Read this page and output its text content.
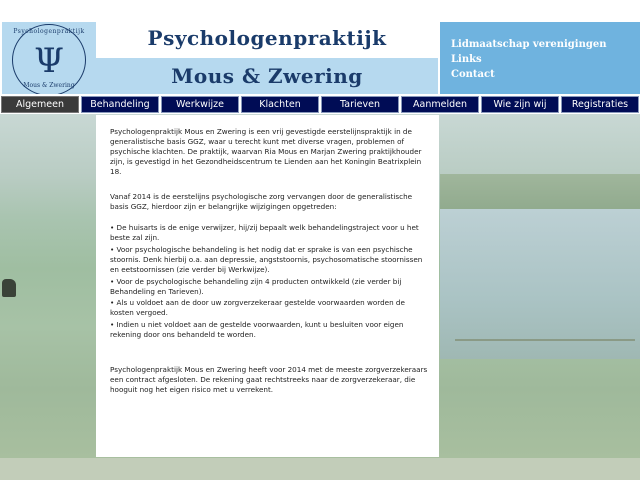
Psychologenpraktijk
Ψ
Mous & Zwering
Psychologenpraktijk
Mous & Zwering
Lidmaatschap verenigingen
Links
Contact
Algemeen	Behandeling	Werkwijze	Klachten	Tarieven	Aanmelden	Wie zijn wij	Registraties

Psychologenpraktijk Mous en Zwering is een vrij gevestigde eerstelijnspraktijk in de generalistische basis GGZ, waar u terecht kunt met diverse vragen, problemen of psychische klachten. De praktijk, waarvan Ria Mous en Marjan Zwering praktijkhouder zijn, is gevestigd in het Gezondheidscentrum te Lienden aan het Koningin Beatrixplein 18.

Vanaf 2014 is de eerstelijns psychologische zorg vervangen door de generalistische basis GGZ, hierdoor zijn er belangrijke wijzigingen opgetreden:

• De huisarts is de enige verwijzer, hij/zij bepaalt welk behandelingstraject voor u het beste zal zijn.
• Voor psychologische behandeling is het nodig dat er sprake is van een psychische stoornis. Denk hierbij o.a. aan depressie, angststoornis, psychosomatische stoornissen en eetstoornissen (zie verder bij Werkwijze).
• Voor de psychologische behandeling zijn 4 producten ontwikkeld (zie verder bij Behandeling en Tarieven).
• Als u voldoet aan de door uw zorgverzekeraar gestelde voorwaarden worden de kosten vergoed.
• Indien u niet voldoet aan de gestelde voorwaarden, kunt u besluiten voor eigen rekening door ons behandeld te worden.

Psychologenpraktijk Mous en Zwering heeft voor 2014 met de meeste zorgverzekeraars een contract afgesloten. De rekening gaat rechtstreeks naar de zorgverzekeraar, die hooguit nog het eigen risico met u verrekent.
